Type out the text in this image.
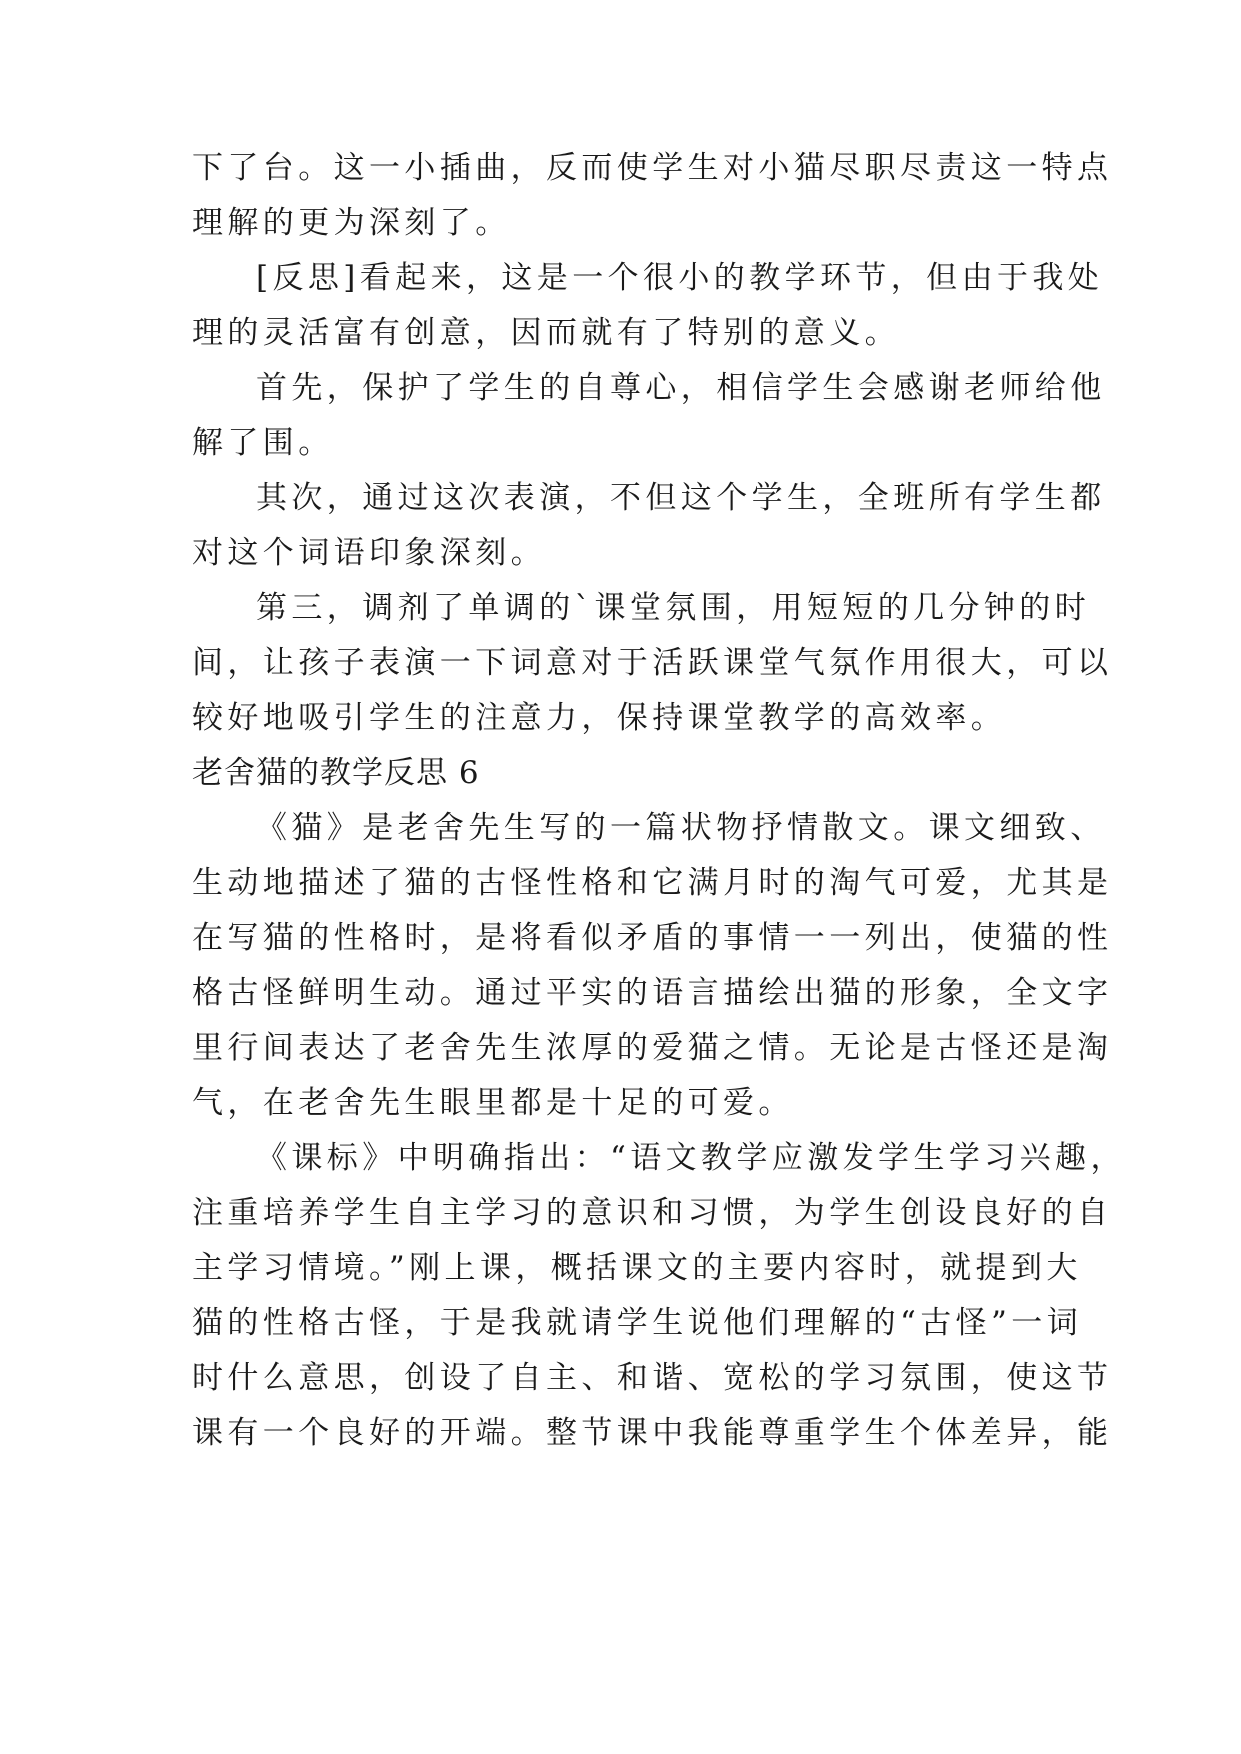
下了台。这一小插曲，反而使学生对小猫尽职尽责这一特点
理解的更为深刻了。
[反思]看起来，这是一个很小的教学环节，但由于我处
理的灵活富有创意，因而就有了特别的意义。
首先，保护了学生的自尊心，相信学生会感谢老师给他
解了围。
其次，通过这次表演，不但这个学生，全班所有学生都
对这个词语印象深刻。
第三，调剂了单调的`课堂氛围，用短短的几分钟的时
间，让孩子表演一下词意对于活跃课堂气氛作用很大，可以
较好地吸引学生的注意力，保持课堂教学的高效率。
老舍猫的教学反思 6
《猫》是老舍先生写的一篇状物抒情散文。课文细致、
生动地描述了猫的古怪性格和它满月时的淘气可爱，尤其是
在写猫的性格时，是将看似矛盾的事情一一列出，使猫的性
格古怪鲜明生动。通过平实的语言描绘出猫的形象，全文字
里行间表达了老舍先生浓厚的爱猫之情。无论是古怪还是淘
气，在老舍先生眼里都是十足的可爱。
《课标》中明确指出：“语文教学应激发学生学习兴趣，
注重培养学生自主学习的意识和习惯，为学生创设良好的自
主学习情境。”刚上课，概括课文的主要内容时，就提到大
猫的性格古怪，于是我就请学生说他们理解的“古怪”一词
时什么意思，创设了自主、和谐、宽松的学习氛围，使这节
课有一个良好的开端。整节课中我能尊重学生个体差异，能
